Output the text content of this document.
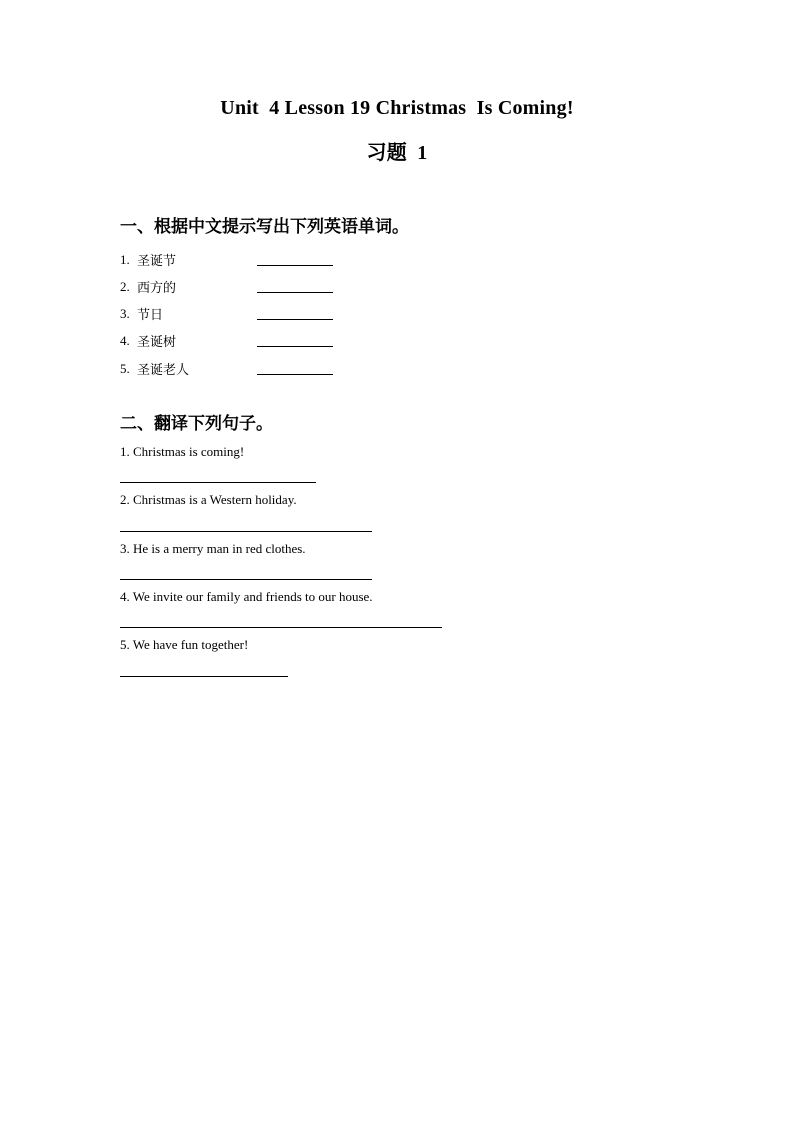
Unit  4 Lesson 19 Christmas  Is Coming!
习题  1
一、根据中文提示写出下列英语单词。
1. 圣诞节
2. 西方的
3. 节日
4. 圣诞树
5. 圣诞老人
二、翻译下列句子。
1. Christmas is coming!
2. Christmas is a Western holiday.
3. He is a merry man in red clothes.
4. We invite our family and friends to our house.
5. We have fun together!
